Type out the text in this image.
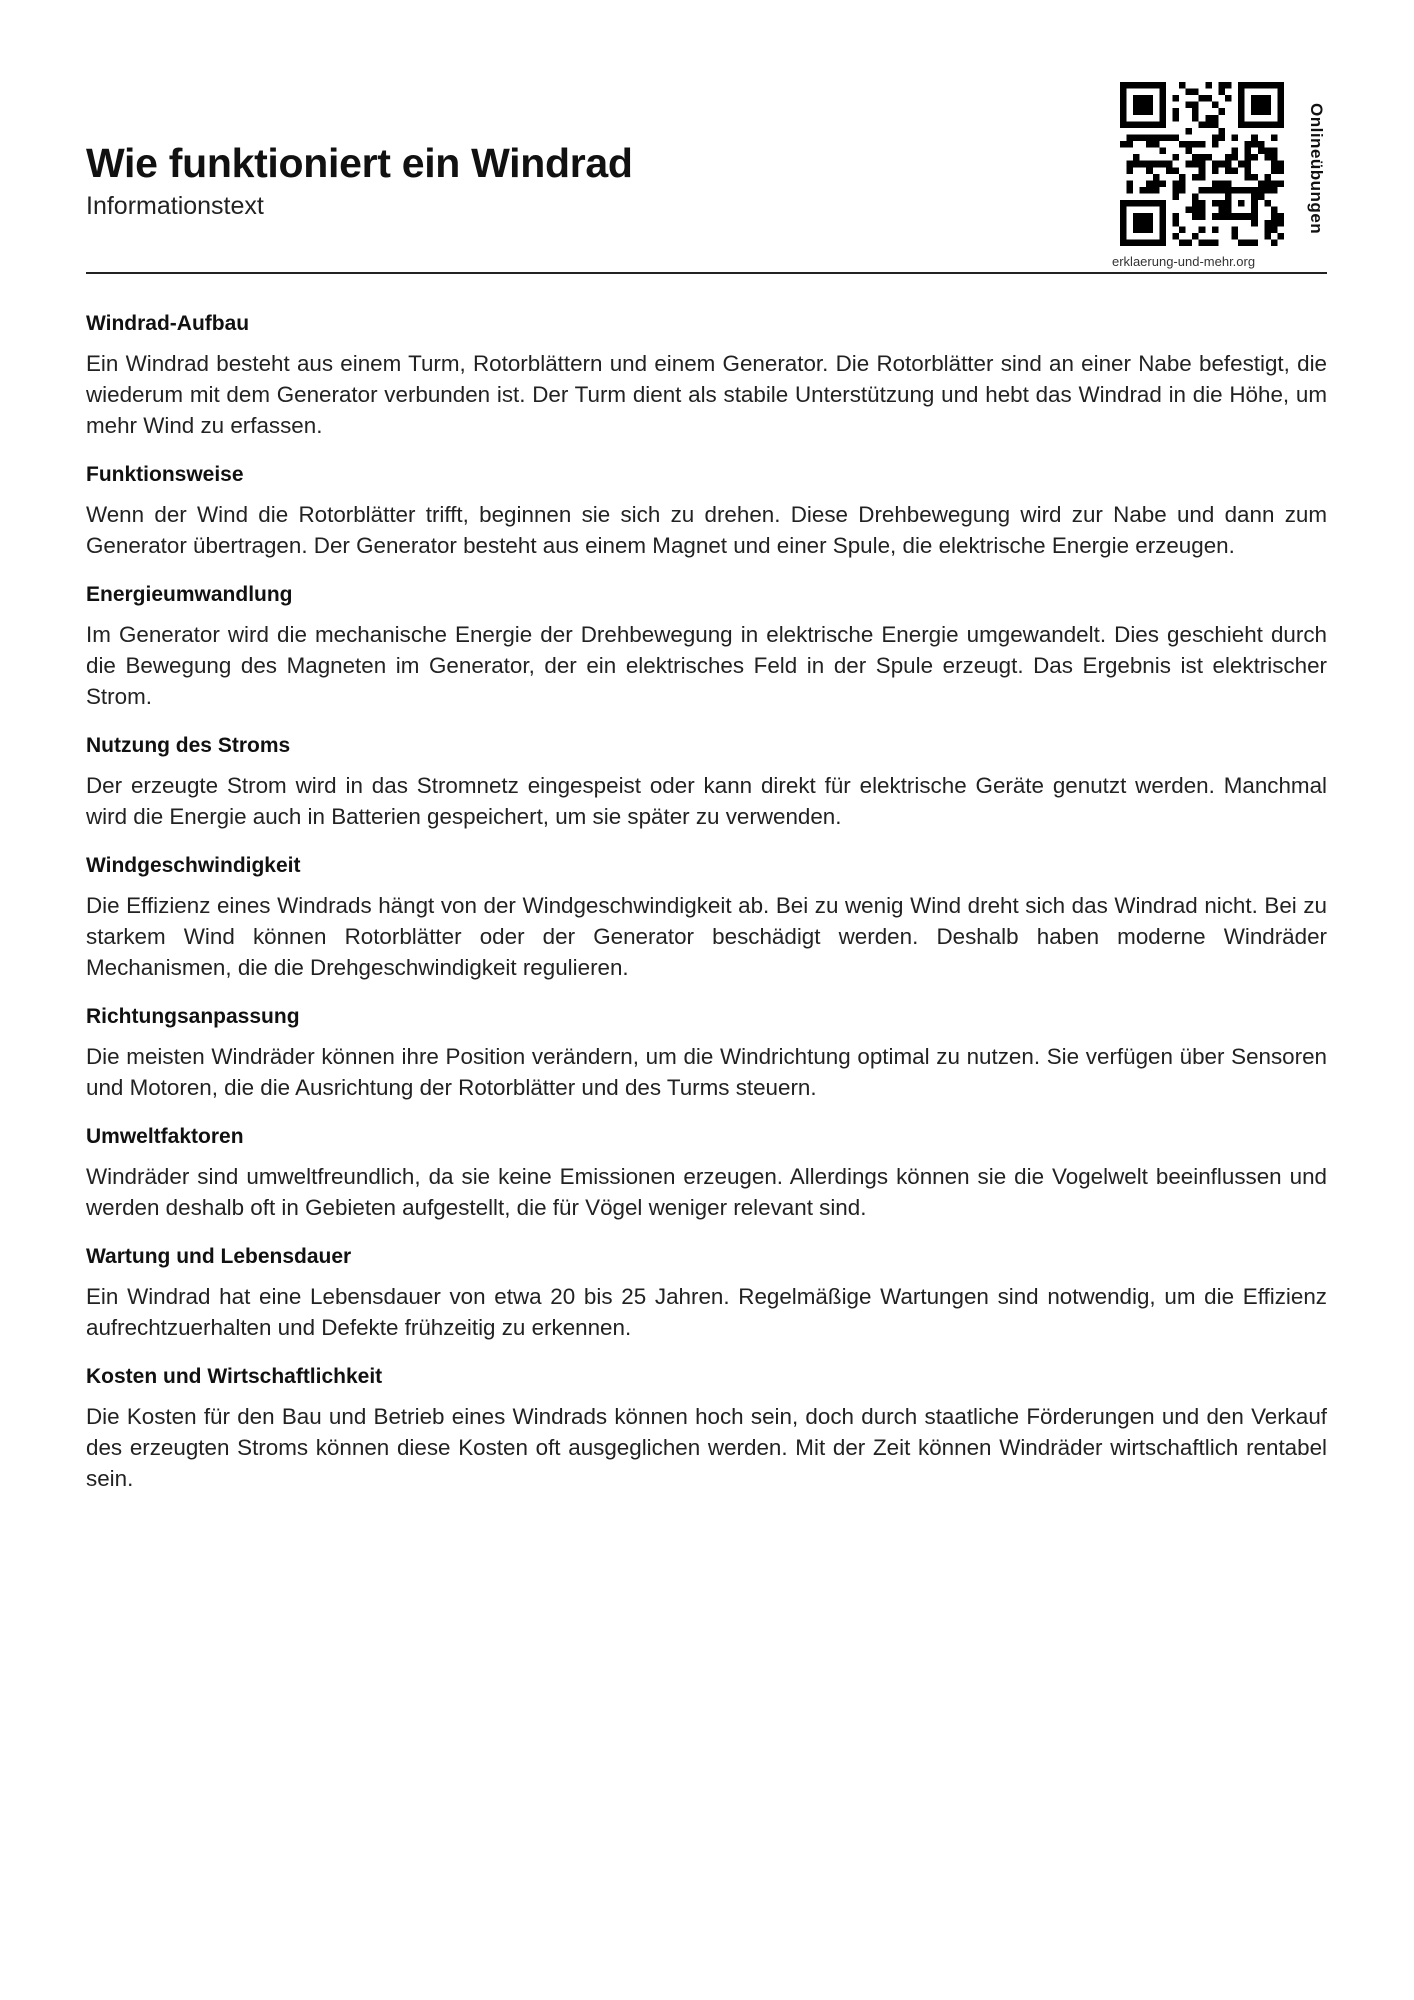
Wie funktioniert ein Windrad
Informationstext	Onlineübungen
erklaerung-und-mehr.org
Windrad-Aufbau

Ein Windrad besteht aus einem Turm, Rotorblättern und einem Generator. Die Rotorblätter sind an einer Nabe befestigt, die wiederum mit dem Generator verbunden ist. Der Turm dient als stabile Unterstützung und hebt das Windrad in die Höhe, um mehr Wind zu erfassen.

Funktionsweise

Wenn der Wind die Rotorblätter trifft, beginnen sie sich zu drehen. Diese Drehbewegung wird zur Nabe und dann zum Generator übertragen. Der Generator besteht aus einem Magnet und einer Spule, die elektrische Energie erzeugen.

Energieumwandlung

Im Generator wird die mechanische Energie der Drehbewegung in elektrische Energie umgewandelt. Dies geschieht durch die Bewegung des Magneten im Generator, der ein elektrisches Feld in der Spule erzeugt. Das Ergebnis ist elektrischer Strom.

Nutzung des Stroms

Der erzeugte Strom wird in das Stromnetz eingespeist oder kann direkt für elektrische Geräte genutzt werden. Manchmal wird die Energie auch in Batterien gespeichert, um sie später zu verwenden.

Windgeschwindigkeit

Die Effizienz eines Windrads hängt von der Windgeschwindigkeit ab. Bei zu wenig Wind dreht sich das Windrad nicht. Bei zu starkem Wind können Rotorblätter oder der Generator beschädigt werden. Deshalb haben moderne Windräder Mechanismen, die die Drehgeschwindigkeit regulieren.

Richtungsanpassung

Die meisten Windräder können ihre Position verändern, um die Windrichtung optimal zu nutzen. Sie verfügen über Sensoren und Motoren, die die Ausrichtung der Rotorblätter und des Turms steuern.

Umweltfaktoren

Windräder sind umweltfreundlich, da sie keine Emissionen erzeugen. Allerdings können sie die Vogelwelt beeinflussen und werden deshalb oft in Gebieten aufgestellt, die für Vögel weniger relevant sind.

Wartung und Lebensdauer

Ein Windrad hat eine Lebensdauer von etwa 20 bis 25 Jahren. Regelmäßige Wartungen sind notwendig, um die Effizienz aufrechtzuerhalten und Defekte frühzeitig zu erkennen.

Kosten und Wirtschaftlichkeit

Die Kosten für den Bau und Betrieb eines Windrads können hoch sein, doch durch staatliche Förderungen und den Verkauf des erzeugten Stroms können diese Kosten oft ausgeglichen werden. Mit der Zeit können Windräder wirtschaftlich rentabel sein.
